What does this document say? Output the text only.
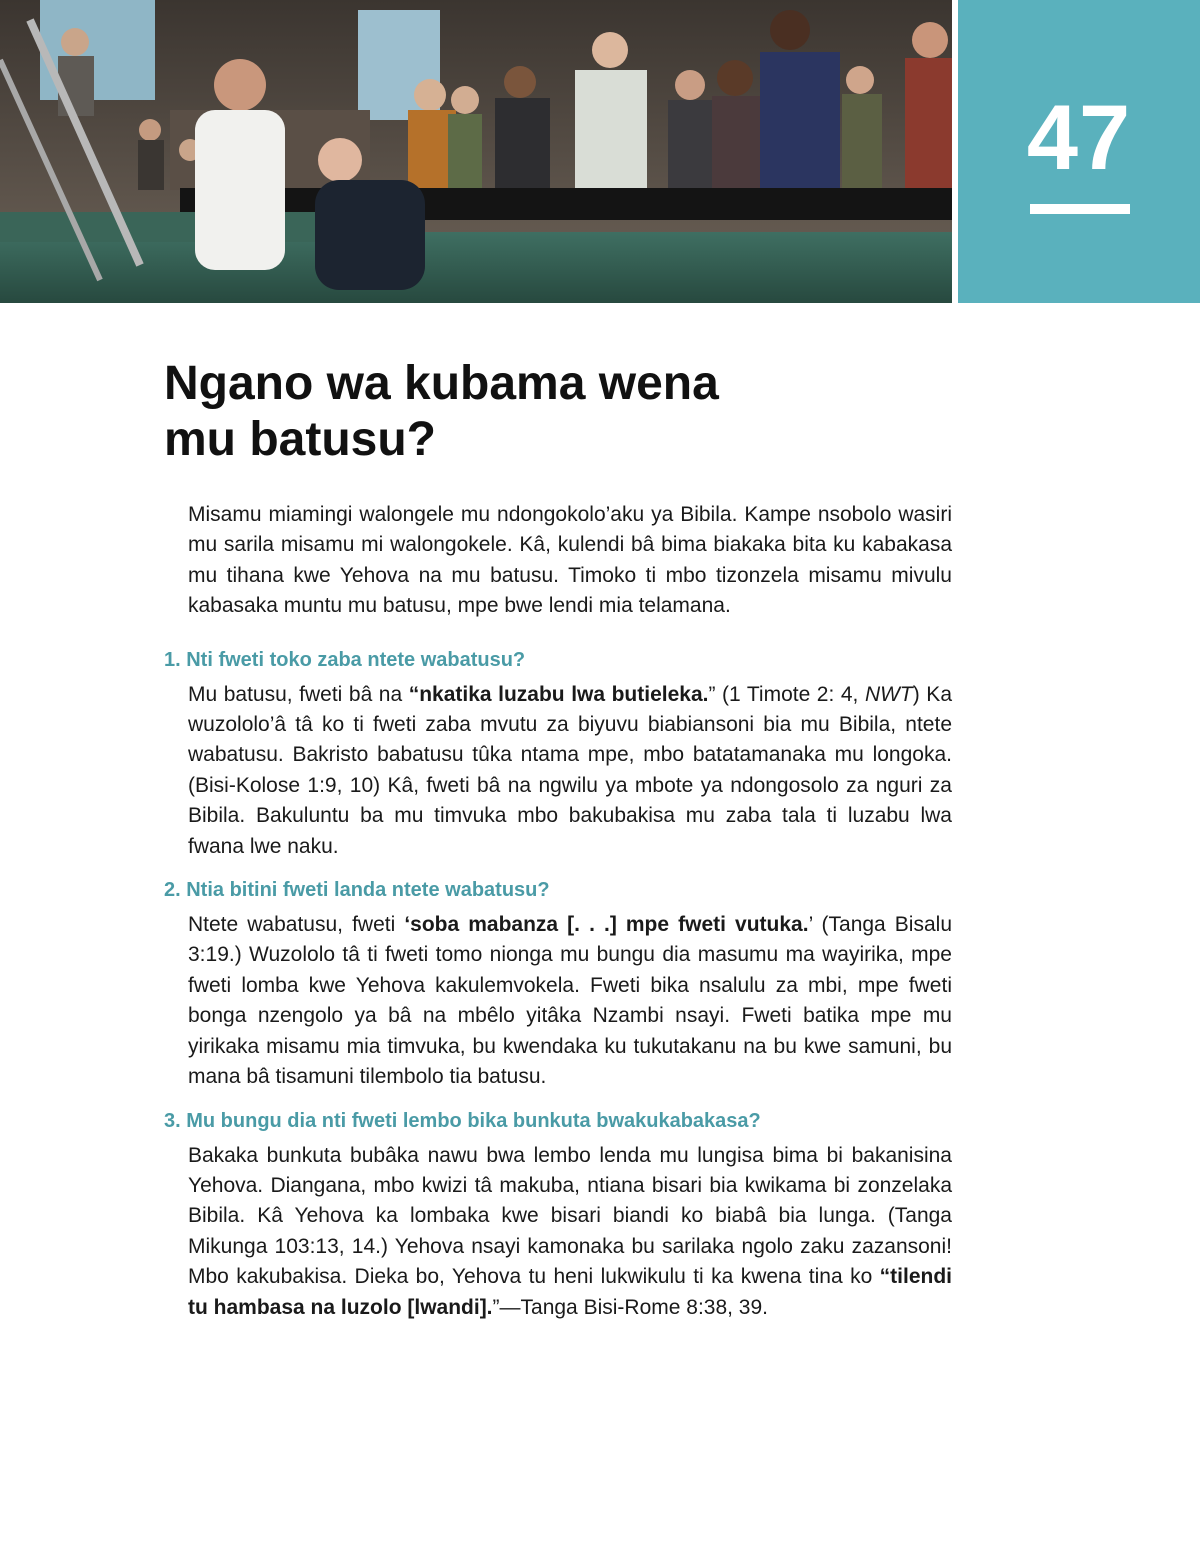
47
Ngano wa kubama wena
mu batusu?

Misamu miamingi walongele mu ndongokolo’aku ya Bibila. Kampe nsobolo wasiri mu sarila misamu mi walongokele. Kâ, kulendi bâ bima biakaka bita ku kabakasa mu tihana kwe Yehova na mu batusu. Timoko ti mbo tizonzela misamu mivulu kabasaka muntu mu batusu, mpe bwe lendi mia telamana.

1. Nti fweti toko zaba ntete wabatusu?

Mu batusu, fweti bâ na “nkatika luzabu lwa butieleka.” (1 Timote 2: 4, NWT) Ka wuzololo’â tâ ko ti fweti zaba mvutu za biyuvu biabiansoni bia mu Bibila, ntete wabatusu. Bakristo babatusu tûka ntama mpe, mbo batatamanaka mu longoka. (Bisi-Kolose 1:9, 10) Kâ, fweti bâ na ngwilu ya mbote ya ndongosolo za nguri za Bibila. Bakuluntu ba mu timvuka mbo bakubakisa mu zaba tala ti luzabu lwa fwana lwe naku.

2. Ntia bitini fweti landa ntete wabatusu?

Ntete wabatusu, fweti ‘soba mabanza [. . .] mpe fweti vutuka.’ (Tanga Bisalu 3:19.) Wuzololo tâ ti fweti tomo nionga mu bungu dia masumu ma wayirika, mpe fweti lomba kwe Yehova kakulemvokela. Fweti bika nsalulu za mbi, mpe fweti bonga nzengolo ya bâ na mbêlo yitâka Nzambi nsayi. Fweti batika mpe mu yirikaka misamu mia timvuka, bu kwendaka ku tukutakanu na bu kwe samuni, bu mana bâ tisamuni tilembolo tia batusu.

3. Mu bungu dia nti fweti lembo bika bunkuta bwakukabakasa?

Bakaka bunkuta bubâka nawu bwa lembo lenda mu lungisa bima bi bakanisina Yehova. Diangana, mbo kwizi tâ makuba, ntiana bisari bia kwikama bi zonzelaka Bibila. Kâ Yehova ka lombaka kwe bisari biandi ko biabâ bia lunga. (Tanga Mikunga 103:13, 14.) Yehova nsayi kamonaka bu sarilaka ngolo zaku zazansoni! Mbo kakubakisa. Dieka bo, Yehova tu heni lukwikulu ti ka kwena tina ko “tilendi tu hambasa na luzolo [lwandi].”—Tanga Bisi-Rome 8:38, 39.
